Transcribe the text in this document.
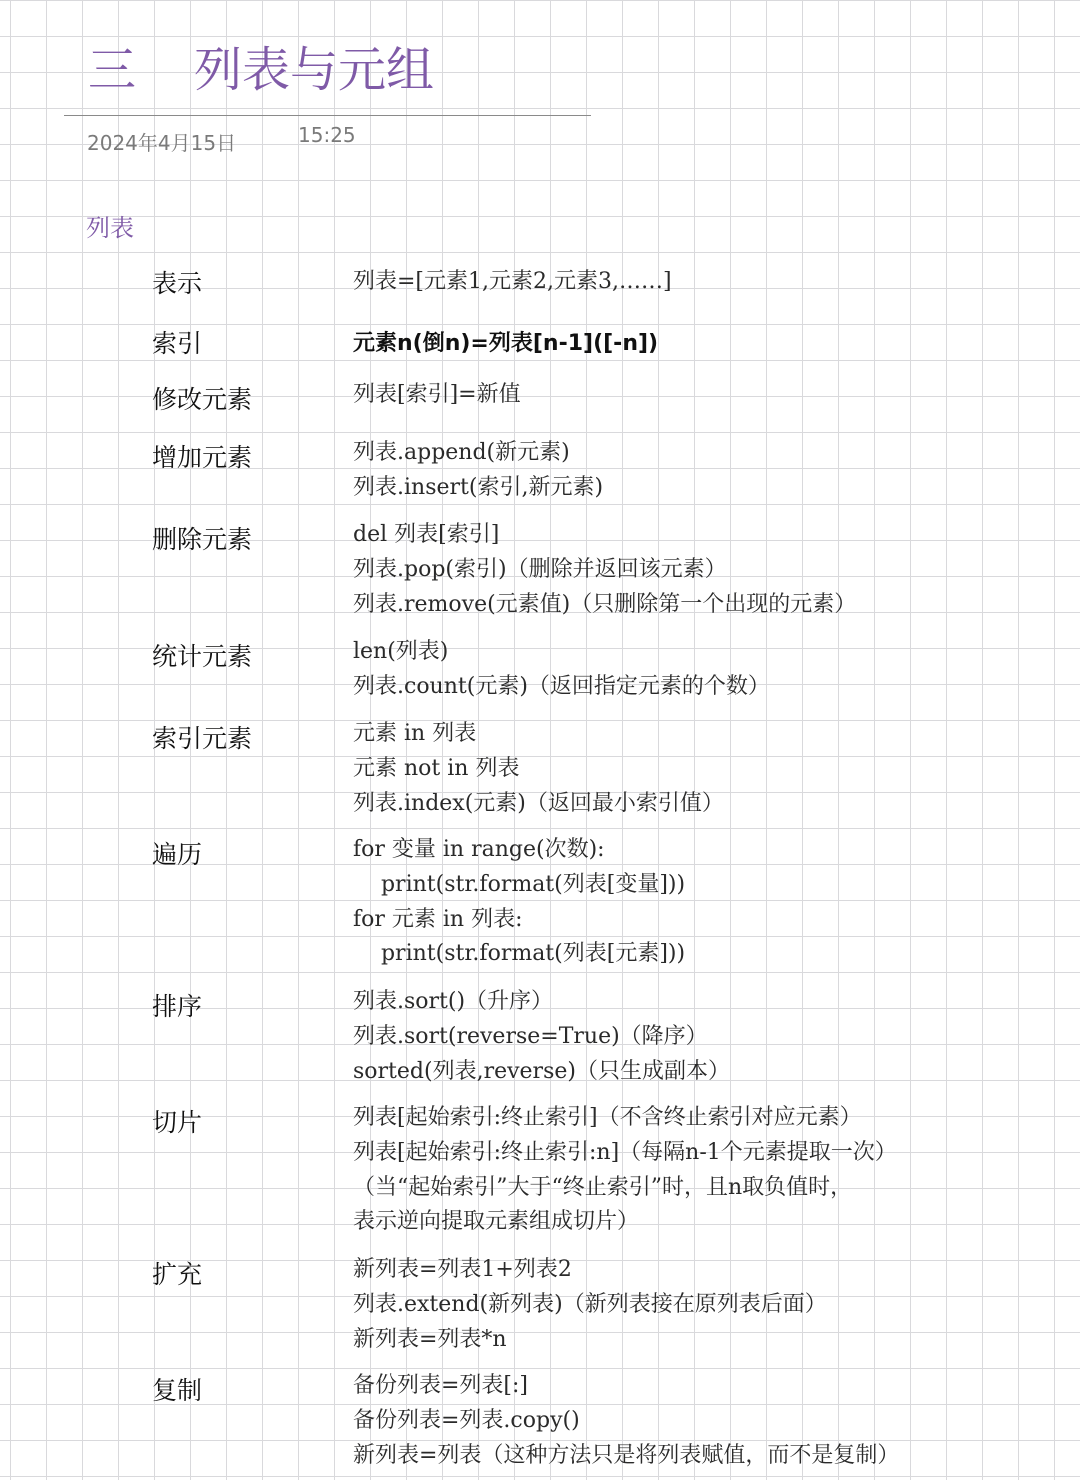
三 列表与元组
2024年4月15日	15:25
列表
表示	列表=[元素1,元素2,元素3,……]
索引	元素n(倒n)=列表[n-1]([-n])
修改元素	列表[索引]=新值
增加元素	列表.append(新元素)
列表.insert(索引,新元素)
删除元素	del 列表[索引]
列表.pop(索引)（删除并返回该元素）
列表.remove(元素值)（只删除第一个出现的元素）
统计元素	len(列表)
列表.count(元素)（返回指定元素的个数）
索引元素	元素 in 列表
元素 not in 列表
列表.index(元素)（返回最小索引值）
遍历	for 变量 in range(次数):
print(str.format(列表[变量]))
for 元素 in 列表:
print(str.format(列表[元素]))
排序	列表.sort()（升序）
列表.sort(reverse=True)（降序）
sorted(列表,reverse)（只生成副本）
切片	列表[起始索引:终止索引]（不含终止索引对应元素）
列表[起始索引:终止索引:n]（每隔n-1个元素提取一次）
（当“起始索引”大于“终止索引”时，且n取负值时，
表示逆向提取元素组成切片）
扩充	新列表=列表1+列表2
列表.extend(新列表)（新列表接在原列表后面）
新列表=列表*n
复制	备份列表=列表[:]
备份列表=列表.copy()
新列表=列表（这种方法只是将列表赋值，而不是复制）
